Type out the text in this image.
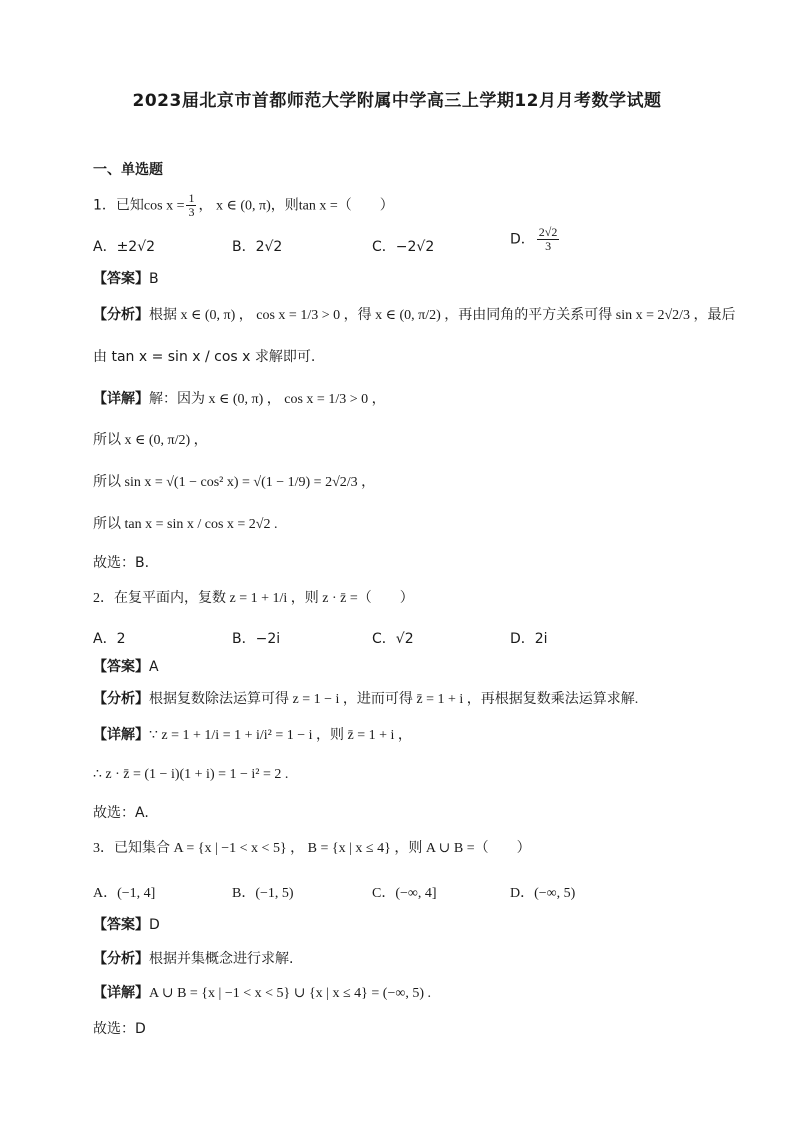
2023届北京市首都师范大学附属中学高三上学期12月月考数学试题
一、单选题
1．已知$\cos x = \frac{1}{3}$ ， x ∈ (0, π)，则tan x =（　　）
A．±2√2	B．2√2	C．−2√2	D． $\frac{2√2}{3}$
【答案】B
【分析】根据 x ∈ (0, π) ， cos x = 1/3 > 0 ，得 x ∈ (0, π/2) ，再由同角的平方关系可得 sin x = 2√2/3 ，最后
由 tan x = sin x / cos x 求解即可.
【详解】解：因为 x ∈ (0, π) ， cos x = 1/3 > 0 ，
所以 x ∈ (0, π/2) ，
所以 sin x = √(1 − cos² x) = √(1 − 1/9) = 2√2/3 ，
所以 tan x = sin x / cos x = 2√2 .
故选：B.
2．在复平面内，复数 z = 1 + 1/i ，则 z · z̄ =（　　）
A．2	B．−2i	C．√2	D．2i
【答案】A
【分析】根据复数除法运算可得 z = 1 − i ，进而可得 z̄ = 1 + i ，再根据复数乘法运算求解.
【详解】∵ z = 1 + 1/i = 1 + i/i² = 1 − i ，则 z̄ = 1 + i ，
∴ z · z̄ = (1 − i)(1 + i) = 1 − i² = 2 .
故选：A.
3．已知集合 A = {x | −1 < x < 5} ， B = {x | x ≤ 4} ，则 A ∪ B =（　　）
A．(−1, 4]	B．(−1, 5)	C．(−∞, 4]	D．(−∞, 5)
【答案】D
【分析】根据并集概念进行求解.
【详解】A ∪ B = {x | −1 < x < 5} ∪ {x | x ≤ 4} = (−∞, 5) .
故选：D
